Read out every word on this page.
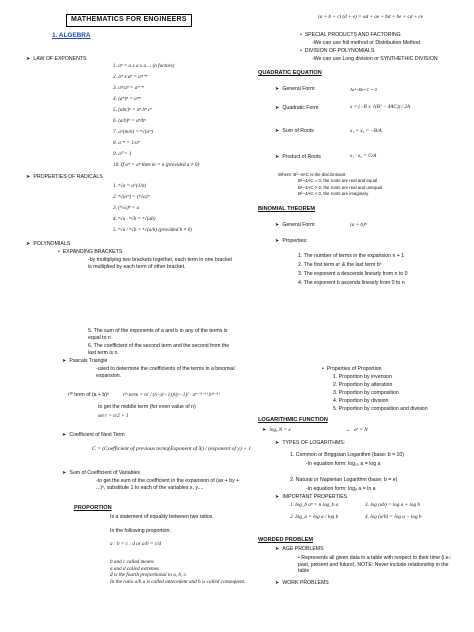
MATHEMATICS FOR ENGINEERS
1. ALGEBRA
➤ LAW OF EXPONENTS
1. aⁿ = a x a x a ... (n factors)
2. aᵐ x aⁿ = aᵐ⁺ⁿ
3. aᵐ/aⁿ = aᵐ⁻ⁿ
4. (aᵐ)ⁿ = aᵐⁿ
5. (abc)ⁿ = aⁿ bⁿ cⁿ
6. (a/b)ⁿ = aⁿ/bⁿ
7. a^(m/n) = ⁿ√(aᵐ)
8. a⁻ⁿ = 1/aⁿ
9. a⁰ = 1
10. If aᵐ = aⁿ then m = n (provided a ≠ 0)
➤ PROPERTIES OF RADICALS
1. ⁿ√a = a^(1/n)
2. ⁿ√(aᵐ) = (ⁿ√a)ᵐ
3. (ⁿ√a)ⁿ = a
4. ⁿ√a · ⁿ√b = ⁿ√(ab)
5. ⁿ√a / ⁿ√b = ⁿ√(a/b) (provided b ≠ 0)
➤ POLYNOMIALS
•  EXPANDING BRACKETS
-by multiplying two brackets together, each term in one bracket is multiplied by each term of other bracket.
5. The sum of the exponents of a and b in any of the terms is equal to n
6. The coefficient of the second term and the second from the last term is n.
➤ Pascals Triangle
-used to determine the coefficients of the terms in a binomial expansion.
rᵗʰ term of (a + b)ⁿ	rᵗʰ term = n! / (n−(r−1))!(r−1)! · aⁿ⁻⁽ʳ⁻¹⁾ b⁽ʳ⁻¹⁾
to get the middle term (for even value of n)
set r = n/2 + 1
➤ Coefficient of Next Term
C = (Coefficient of previous term)(Exponent of X) / (exponent of y) + 1
➤ Sum of Coefficient of Variables
-to get the sum of the coefficient in the expansion of (ax + by + ...)ⁿ, substitute 1 to each of the variables x, y....
PROPORTION
Is a statement of equality between two ratios.
In the following proportion:
a : b = c : d or a/b = c/d
b and c called means
a and d called extremes
d is the fourth proportional to a, b, c.
In the ratio a/b a is called antecedent and b is called consequent.
(a + b + c) (d + e) = ad + ae + bd + be + cd + ce
•  SPECIAL PRODUCTS AND FACTORING
-We can use foil method or Distribution Method
•  DIVISION OF POLYNOMIALS
-We can use Long division or SYNTHETHIC DIVISION
QUADRATIC EQUATION
➤ General Form:	Ax²+Bx+C = 0
➤ Quadratic Form	x = (−B ± √(B² − 4AC)) / 2A
➤ Sum of Roots	x₁ + x₂ = −B/A
➤ Product of Roots	x₁ · x₂ = C/A
Where: B²−4AC is the discriminant
B²−4AC = 0, the roots are real and equal
B²−4AC > 0, the roots are real and unequal
B²−4AC < 0, the roots are imaginary
BINOMIAL THEOREM
➤ General Form:	(a + b)ⁿ
➤ Properties:
1. The number of terms in the expansion n + 1
2. The first term aⁿ & the last term bⁿ
3. The exponent a descends linearly from n to 0
4. The exponent b ascends linearly from 0 to n
•  Properties of Proportion
1. Proportion by inversion
2. Proportion by alteration
3. Proportion by composition
4. Proportion by division
5. Proportion by composition and division
LOGARITHMIC FUNCTION
➤ logₐ N = x	→   aˣ = N
➤ TYPES OF LOGARITHMS:
1. Common or Briggsian Logarithm (base: b = 10)
-In equation form: log₁₀ a = log a
2. Natural or Napierian Logarithm (base: b = e)
-In equation form: logₑ a = ln a
➤ IMPORTANT PROPERTIES
1. log_b aⁿ = n log_b a	3. log (ab) = log a + log b
2. log_a = log a / log b	4. log (a/b) = log a − log b
WORDED PROBLEM
➤ AGE PROBLEMS
• Represents all given data in a table with respect to their time (i.e.: past, present and future). NOTE: Never include relationship in the table
➤ WORK PROBLEMS
